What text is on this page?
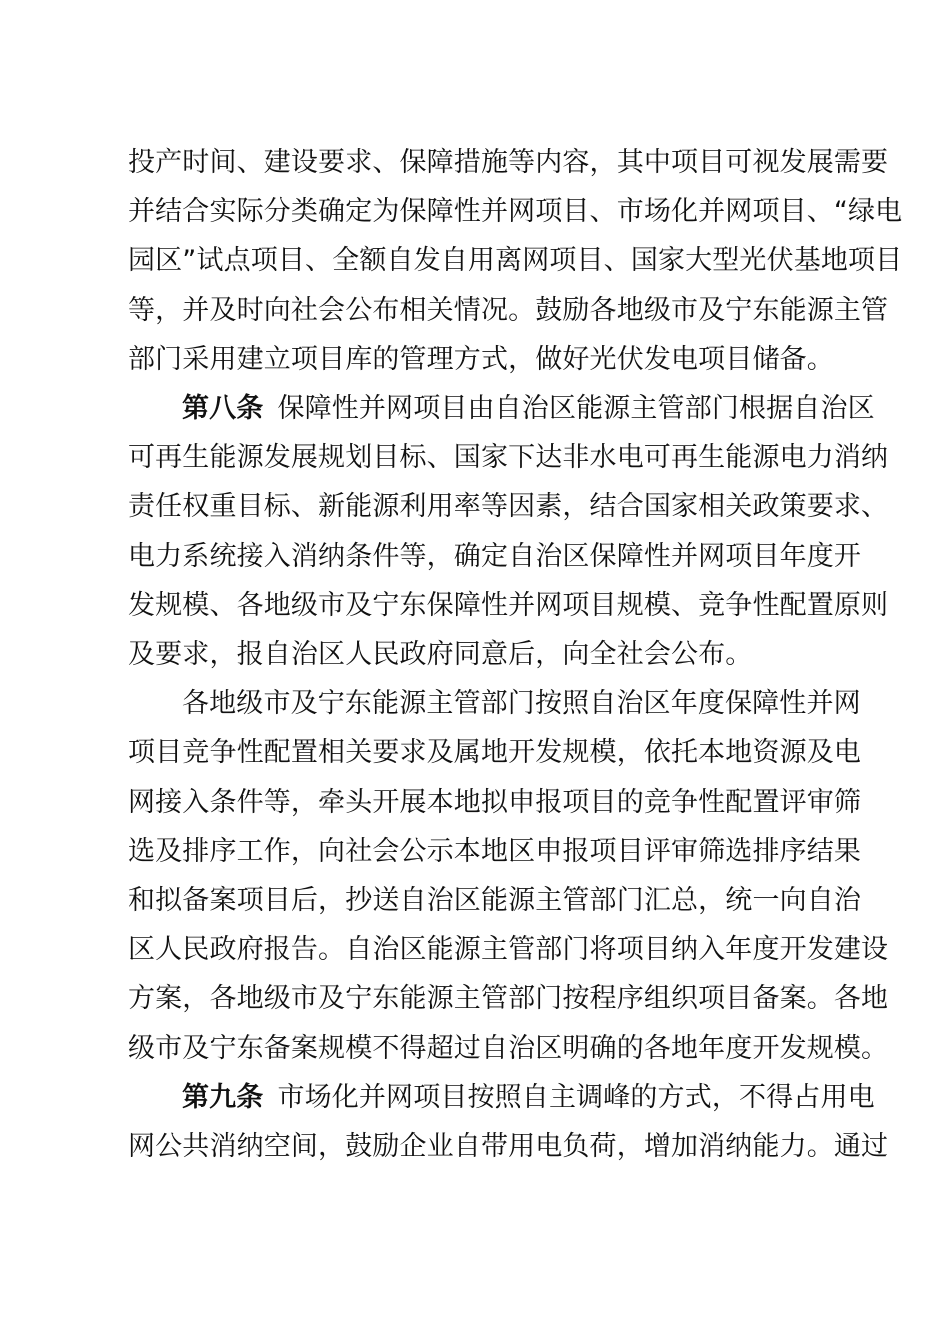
投产时间、建设要求、保障措施等内容，其中项目可视发展需要
并结合实际分类确定为保障性并网项目、市场化并网项目、“绿电
园区”试点项目、全额自发自用离网项目、国家大型光伏基地项目
等，并及时向社会公布相关情况。鼓励各地级市及宁东能源主管
部门采用建立项目库的管理方式，做好光伏发电项目储备。

第八条 保障性并网项目由自治区能源主管部门根据自治区
可再生能源发展规划目标、国家下达非水电可再生能源电力消纳
责任权重目标、新能源利用率等因素，结合国家相关政策要求、
电力系统接入消纳条件等，确定自治区保障性并网项目年度开
发规模、各地级市及宁东保障性并网项目规模、竞争性配置原则
及要求，报自治区人民政府同意后，向全社会公布。

各地级市及宁东能源主管部门按照自治区年度保障性并网
项目竞争性配置相关要求及属地开发规模，依托本地资源及电
网接入条件等，牵头开展本地拟申报项目的竞争性配置评审筛
选及排序工作，向社会公示本地区申报项目评审筛选排序结果
和拟备案项目后，抄送自治区能源主管部门汇总，统一向自治
区人民政府报告。自治区能源主管部门将项目纳入年度开发建设
方案，各地级市及宁东能源主管部门按程序组织项目备案。各地
级市及宁东备案规模不得超过自治区明确的各地年度开发规模。

第九条 市场化并网项目按照自主调峰的方式，不得占用电
网公共消纳空间，鼓励企业自带用电负荷，增加消纳能力。通过
